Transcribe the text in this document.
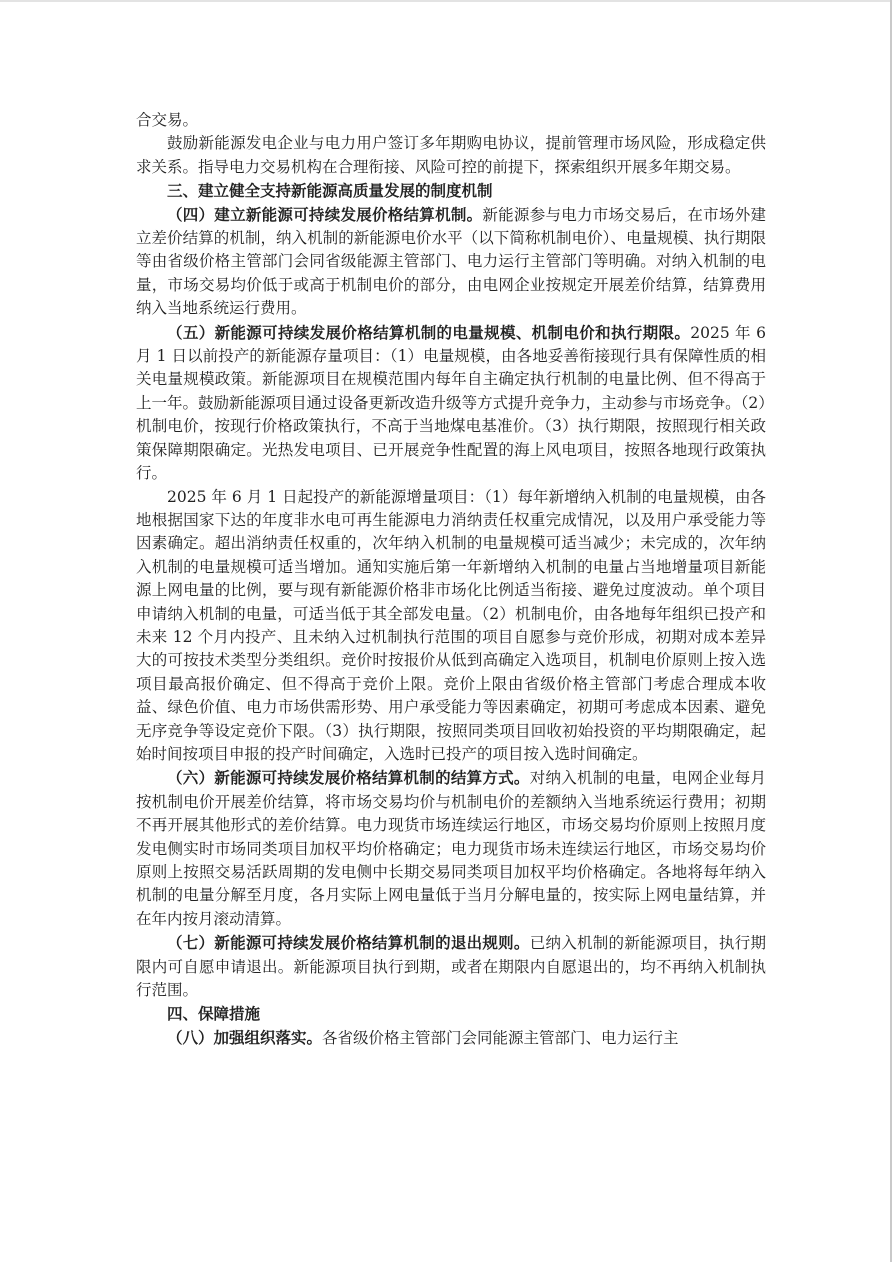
合交易。

鼓励新能源发电企业与电力用户签订多年期购电协议，提前管理市场风险，形成稳定供求关系。指导电力交易机构在合理衔接、风险可控的前提下，探索组织开展多年期交易。

三、建立健全支持新能源高质量发展的制度机制

（四）建立新能源可持续发展价格结算机制。新能源参与电力市场交易后，在市场外建立差价结算的机制，纳入机制的新能源电价水平（以下简称机制电价）、电量规模、执行期限等由省级价格主管部门会同省级能源主管部门、电力运行主管部门等明确。对纳入机制的电量，市场交易均价低于或高于机制电价的部分，由电网企业按规定开展差价结算，结算费用纳入当地系统运行费用。

（五）新能源可持续发展价格结算机制的电量规模、机制电价和执行期限。2025 年 6 月 1 日以前投产的新能源存量项目：（1）电量规模，由各地妥善衔接现行具有保障性质的相关电量规模政策。新能源项目在规模范围内每年自主确定执行机制的电量比例、但不得高于上一年。鼓励新能源项目通过设备更新改造升级等方式提升竞争力，主动参与市场竞争。（2）机制电价，按现行价格政策执行，不高于当地煤电基准价。（3）执行期限，按照现行相关政策保障期限确定。光热发电项目、已开展竞争性配置的海上风电项目，按照各地现行政策执行。

2025 年 6 月 1 日起投产的新能源增量项目：（1）每年新增纳入机制的电量规模，由各地根据国家下达的年度非水电可再生能源电力消纳责任权重完成情况，以及用户承受能力等因素确定。超出消纳责任权重的，次年纳入机制的电量规模可适当减少；未完成的，次年纳入机制的电量规模可适当增加。通知实施后第一年新增纳入机制的电量占当地增量项目新能源上网电量的比例，要与现有新能源价格非市场化比例适当衔接、避免过度波动。单个项目申请纳入机制的电量，可适当低于其全部发电量。（2）机制电价，由各地每年组织已投产和未来 12 个月内投产、且未纳入过机制执行范围的项目自愿参与竞价形成，初期对成本差异大的可按技术类型分类组织。竞价时按报价从低到高确定入选项目，机制电价原则上按入选项目最高报价确定、但不得高于竞价上限。竞价上限由省级价格主管部门考虑合理成本收益、绿色价值、电力市场供需形势、用户承受能力等因素确定，初期可考虑成本因素、避免无序竞争等设定竞价下限。（3）执行期限，按照同类项目回收初始投资的平均期限确定，起始时间按项目申报的投产时间确定，入选时已投产的项目按入选时间确定。

（六）新能源可持续发展价格结算机制的结算方式。对纳入机制的电量，电网企业每月按机制电价开展差价结算，将市场交易均价与机制电价的差额纳入当地系统运行费用；初期不再开展其他形式的差价结算。电力现货市场连续运行地区，市场交易均价原则上按照月度发电侧实时市场同类项目加权平均价格确定；电力现货市场未连续运行地区，市场交易均价原则上按照交易活跃周期的发电侧中长期交易同类项目加权平均价格确定。各地将每年纳入机制的电量分解至月度，各月实际上网电量低于当月分解电量的，按实际上网电量结算，并在年内按月滚动清算。

（七）新能源可持续发展价格结算机制的退出规则。已纳入机制的新能源项目，执行期限内可自愿申请退出。新能源项目执行到期，或者在期限内自愿退出的，均不再纳入机制执行范围。

四、保障措施

（八）加强组织落实。各省级价格主管部门会同能源主管部门、电力运行主
